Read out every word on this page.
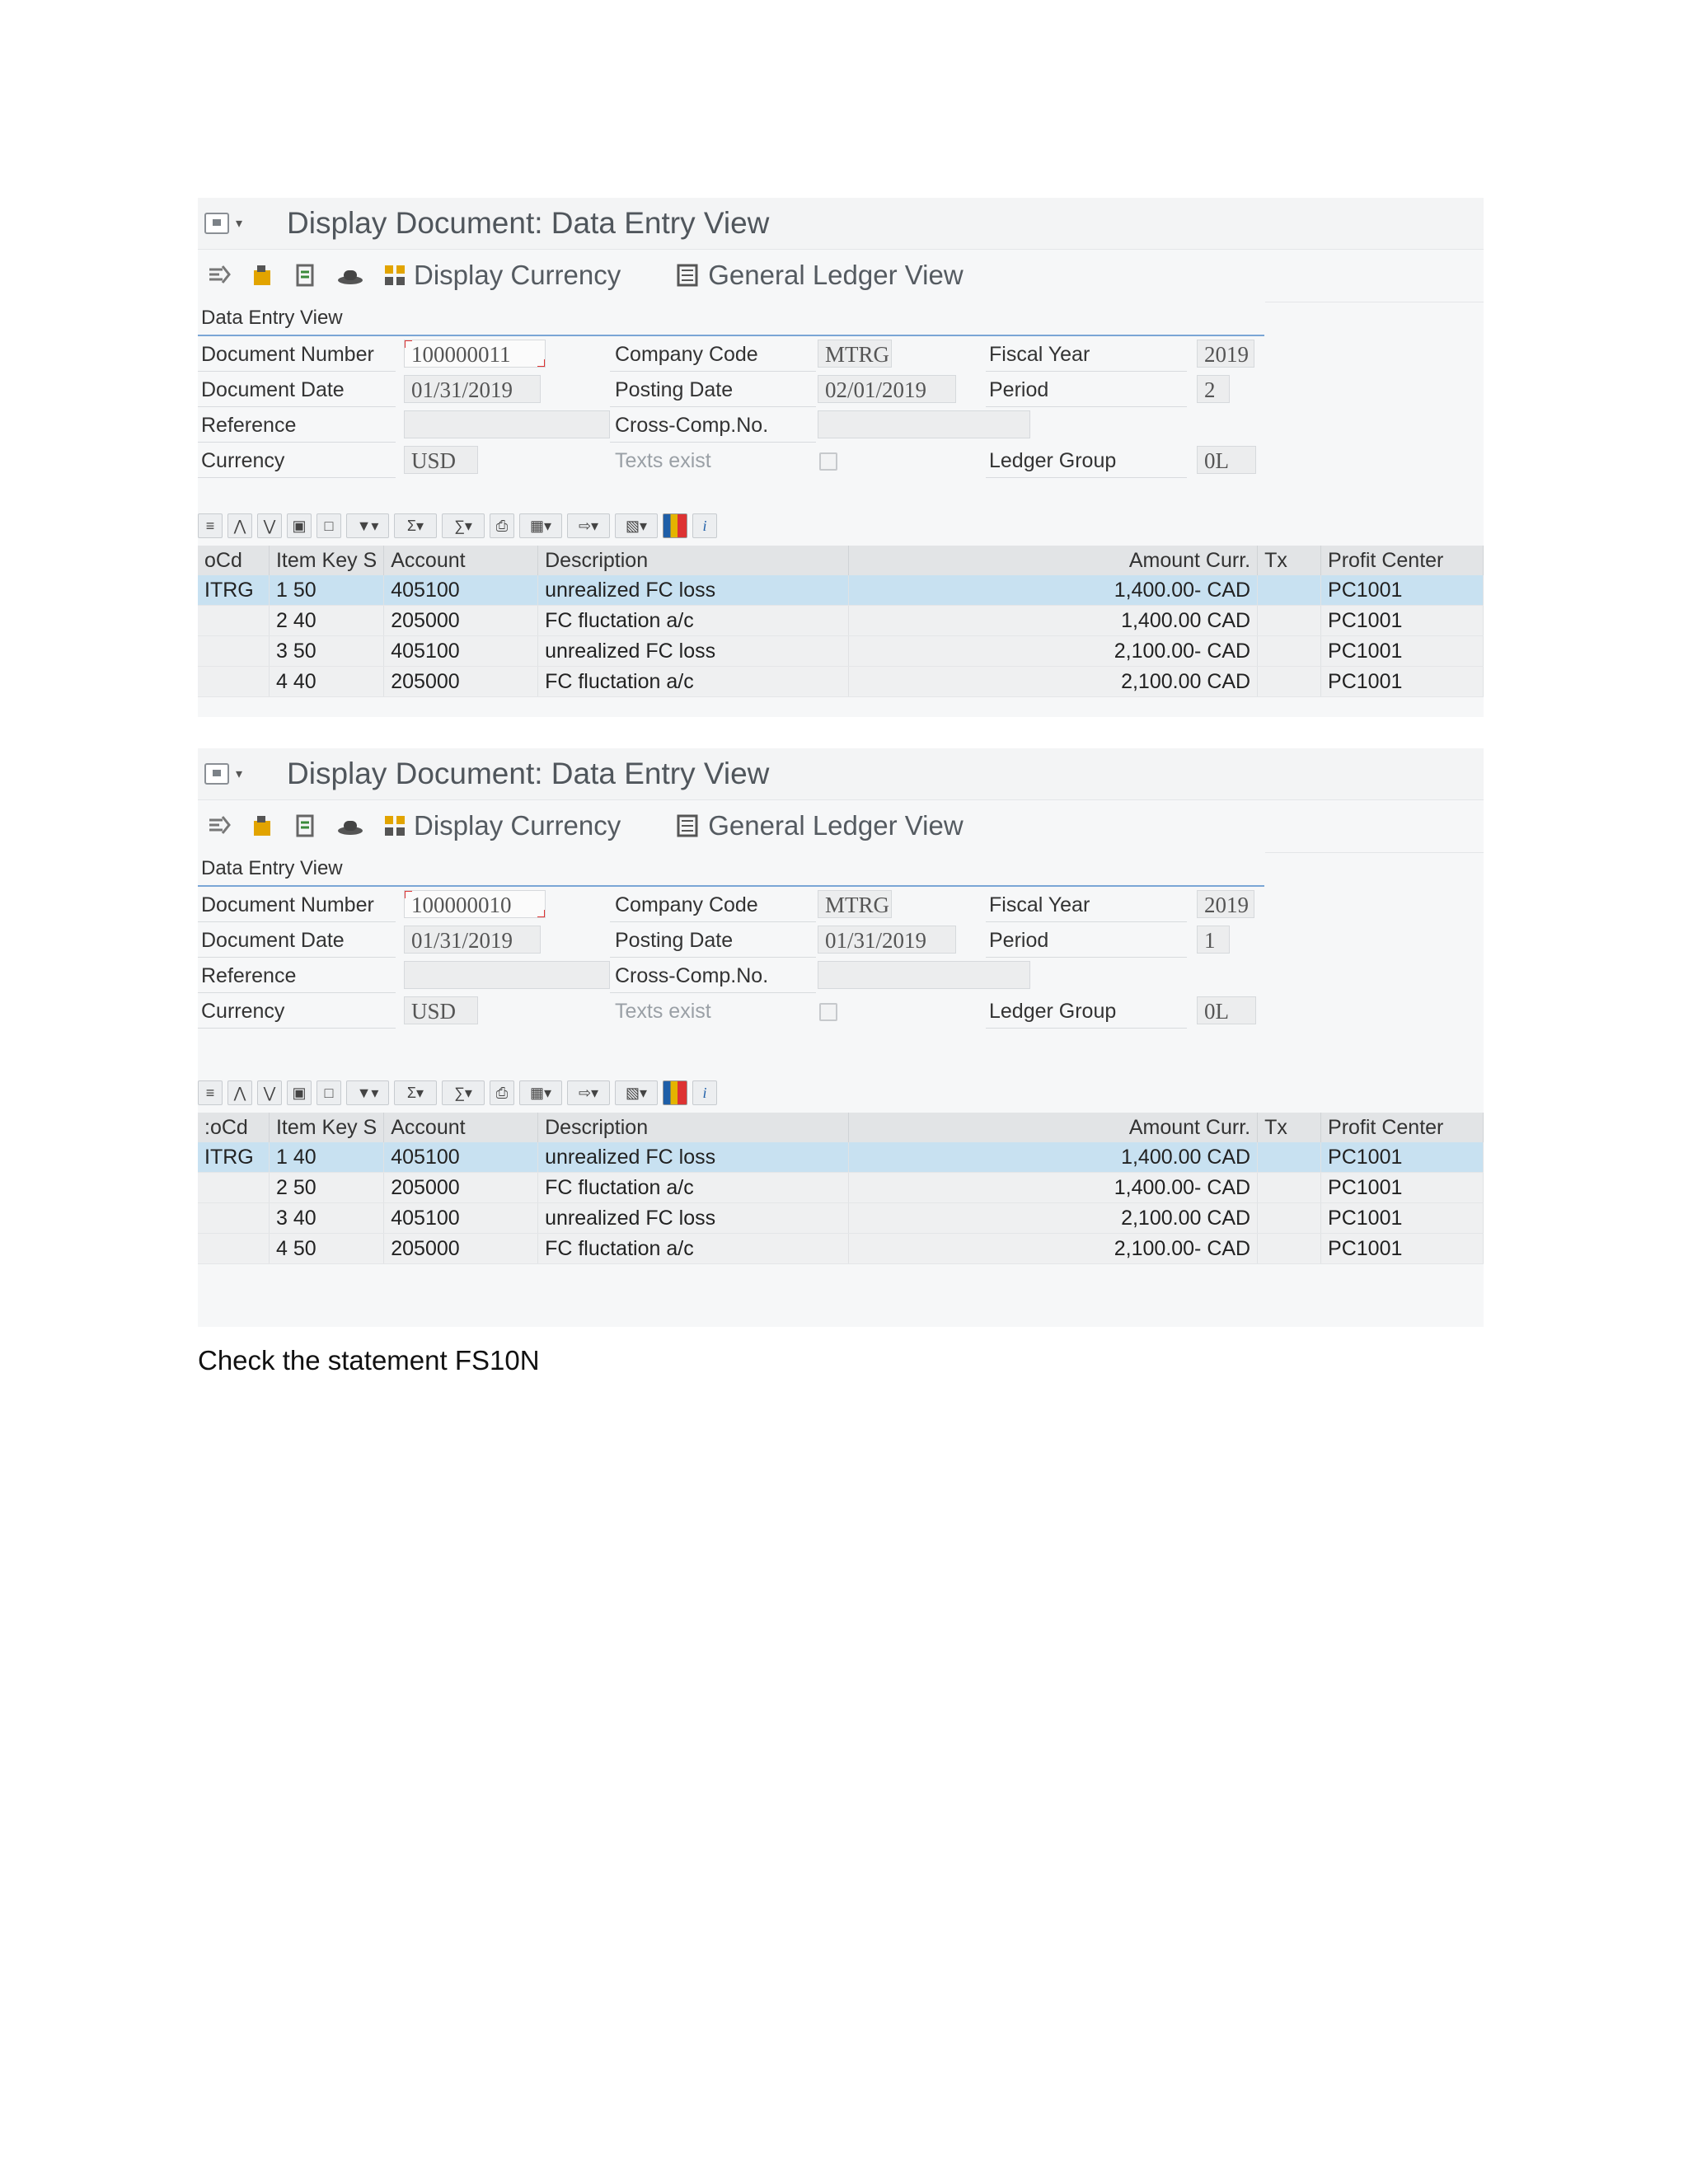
▾ Display Document: Data Entry View
Display Currency	General Ledger View
Data Entry View
Document Number	100000011	Company Code	MTRG	Fiscal Year	2019
Document Date	01/31/2019	Posting Date	02/01/2019	Period	2
Reference	Cross-Comp.No.
Currency	USD	Texts exist	Ledger Group	0L
≡	⋀	⋁	▣	□	▼▾	Σ▾	∑▾	⎙	▦▾	⇨▾	▧▾	i
oCd	Item Key S	Account	Description	Amount Curr.	Tx	Profit Center
ITRG	1 50	405100	unrealized FC loss	1,400.00- CAD		PC1001
	2 40	205000	FC fluctation a/c	1,400.00 CAD		PC1001
	3 50	405100	unrealized FC loss	2,100.00- CAD		PC1001
	4 40	205000	FC fluctation a/c	2,100.00 CAD		PC1001
▾ Display Document: Data Entry View
Display Currency	General Ledger View
Data Entry View
Document Number	100000010	Company Code	MTRG	Fiscal Year	2019
Document Date	01/31/2019	Posting Date	01/31/2019	Period	1
Reference	Cross-Comp.No.
Currency	USD	Texts exist	Ledger Group	0L
≡	⋀	⋁	▣	□	▼▾	Σ▾	∑▾	⎙	▦▾	⇨▾	▧▾	i
:oCd	Item Key S	Account	Description	Amount Curr.	Tx	Profit Center
ITRG	1 40	405100	unrealized FC loss	1,400.00 CAD		PC1001
	2 50	205000	FC fluctation a/c	1,400.00- CAD		PC1001
	3 40	405100	unrealized FC loss	2,100.00 CAD		PC1001
	4 50	205000	FC fluctation a/c	2,100.00- CAD		PC1001
Check the statement FS10N
